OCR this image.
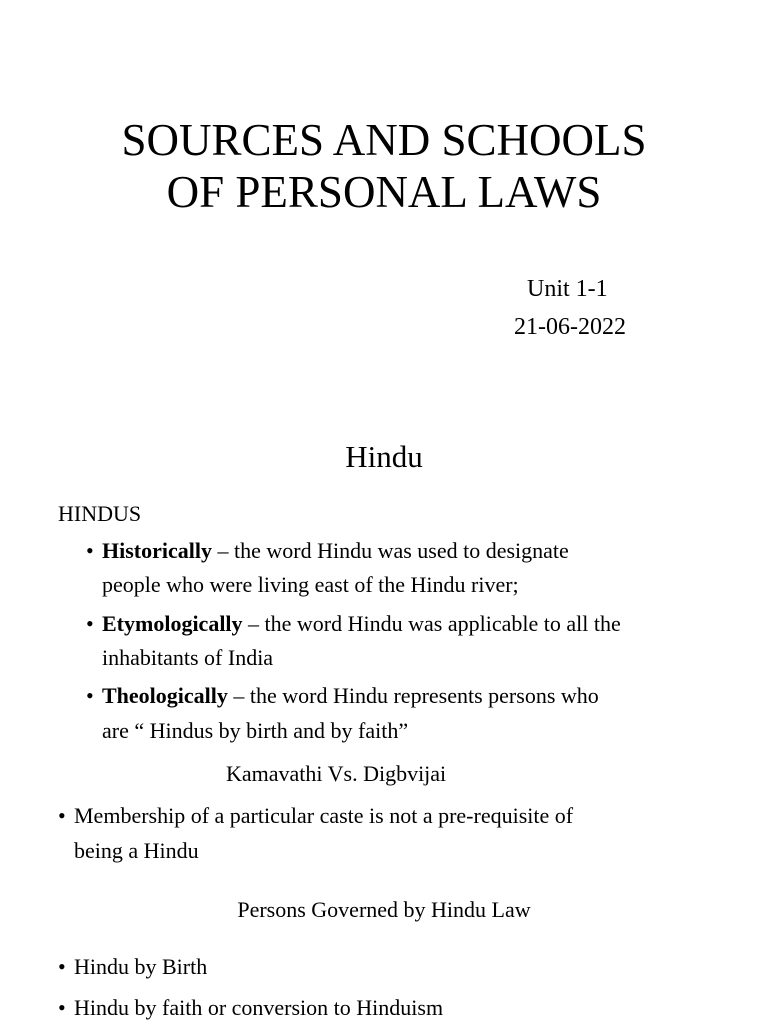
SOURCES AND SCHOOLS
OF PERSONAL LAWS
Unit 1-1
21-06-2022
Hindu
HINDUS
• Historically – the word Hindu was used to designate
people who were living east of the Hindu river;
• Etymologically – the word Hindu was applicable to all the
inhabitants of India
• Theologically – the word Hindu represents persons who
are “ Hindus by birth and by faith”
Kamavathi Vs. Digbvijai
• Membership of a particular caste is not a pre-requisite of
being a Hindu
Persons Governed by Hindu Law
• Hindu by Birth
• Hindu by faith or conversion to Hinduism
